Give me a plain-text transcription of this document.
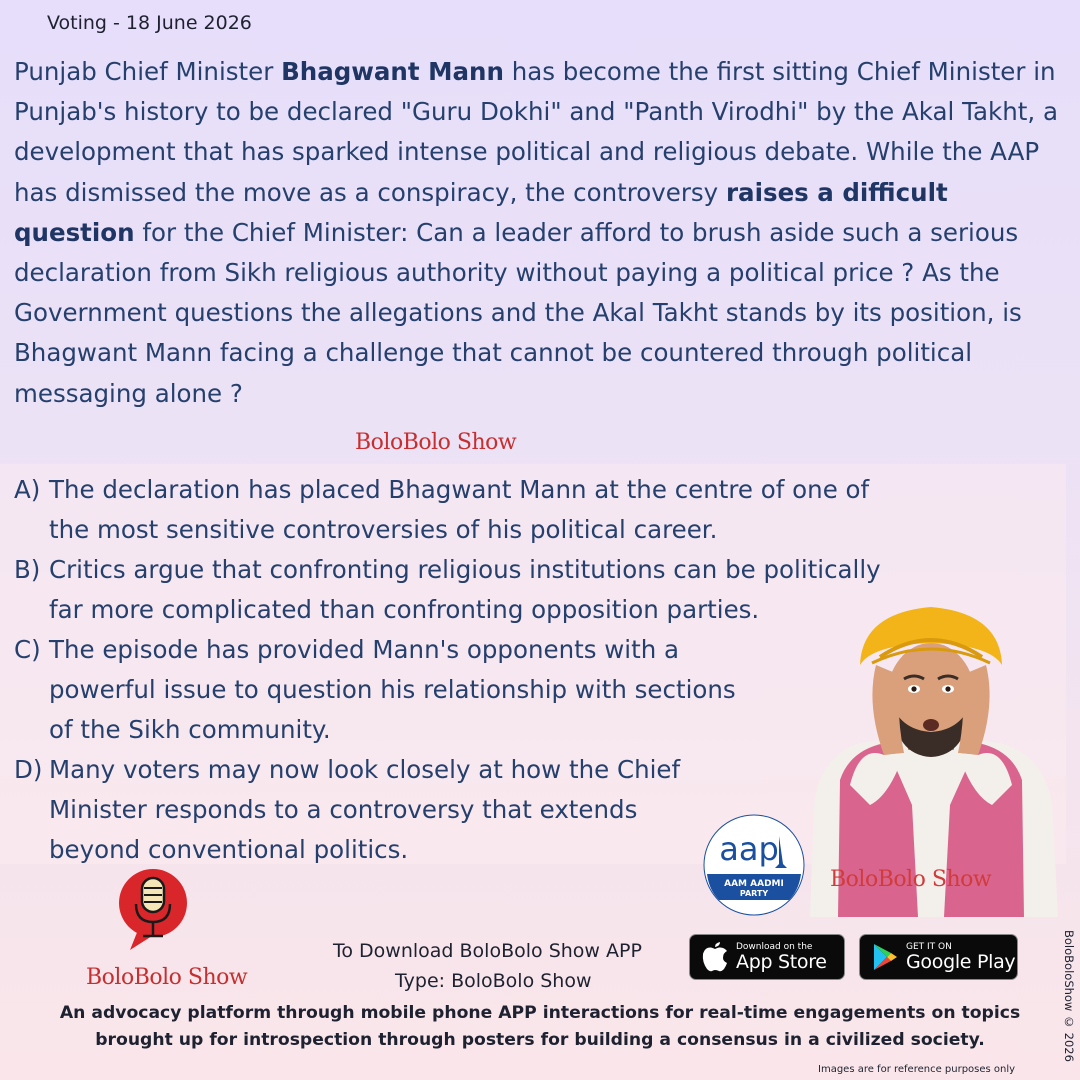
Voting - 18 June 2026

Punjab Chief Minister Bhagwant Mann has become the first sitting Chief Minister in Punjab's history to be declared "Guru Dokhi" and "Panth Virodhi" by the Akal Takht, a development that has sparked intense political and religious debate. While the AAP has dismissed the move as a conspiracy, the controversy raises a difficult question for the Chief Minister: Can a leader afford to brush aside such a serious declaration from Sikh religious authority without paying a political price ? As the Government questions the allegations and the Akal Takht stands by its position, is Bhagwant Mann facing a challenge that cannot be countered through political messaging alone ?

BoloBolo Show
A) The declaration has placed Bhagwant Mann at the centre of one of
the most sensitive controversies of his political career.
B) Critics argue that confronting religious institutions can be politically
far more complicated than confronting opposition parties.
C) The episode has provided Mann's opponents with a
powerful issue to question his relationship with sections
of the Sikh community.
D) Many voters may now look closely at how the Chief
Minister responds to a controversy that extends
beyond conventional politics.
BoloBolo Show
aap
AAM AADMI
PARTY
BoloBolo Show
To Download BoloBolo Show APP
Type: BoloBolo Show
Download on the
App Store
GET IT ON
Google Play
An advocacy platform through mobile phone APP interactions for real-time engagements on topics
brought up for introspection through posters for building a consensus in a civilized society.	BoloBoloShow © 2026
Images are for reference purposes only
